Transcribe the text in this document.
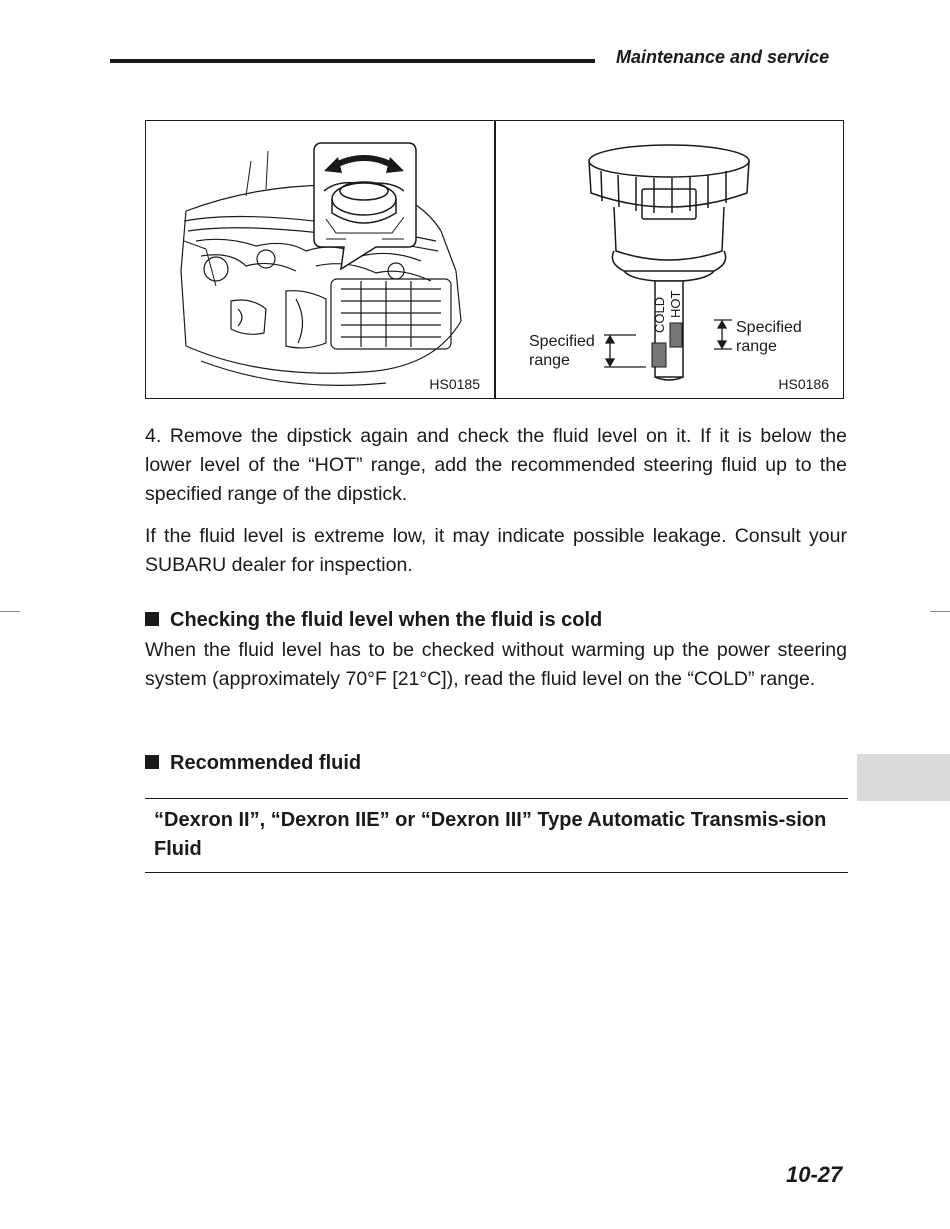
Maintenance and service
HS0185
COLD HOT
Specified
range
Specified
range
HS0186
4. Remove the dipstick again and check the fluid level on it. If it is below the lower level of the “HOT” range, add the recommended steering fluid up to the specified range of the dipstick.
If the fluid level is extreme low, it may indicate possible leakage. Consult your SUBARU dealer for inspection.
Checking the fluid level when the fluid is cold
When the fluid level has to be checked without warming up the power steering system (approximately 70°F [21°C]), read the fluid level on the “COLD” range.
Recommended fluid
“Dexron II”, “Dexron IIE” or “Dexron III” Type Automatic Transmis-sion Fluid
10-27
